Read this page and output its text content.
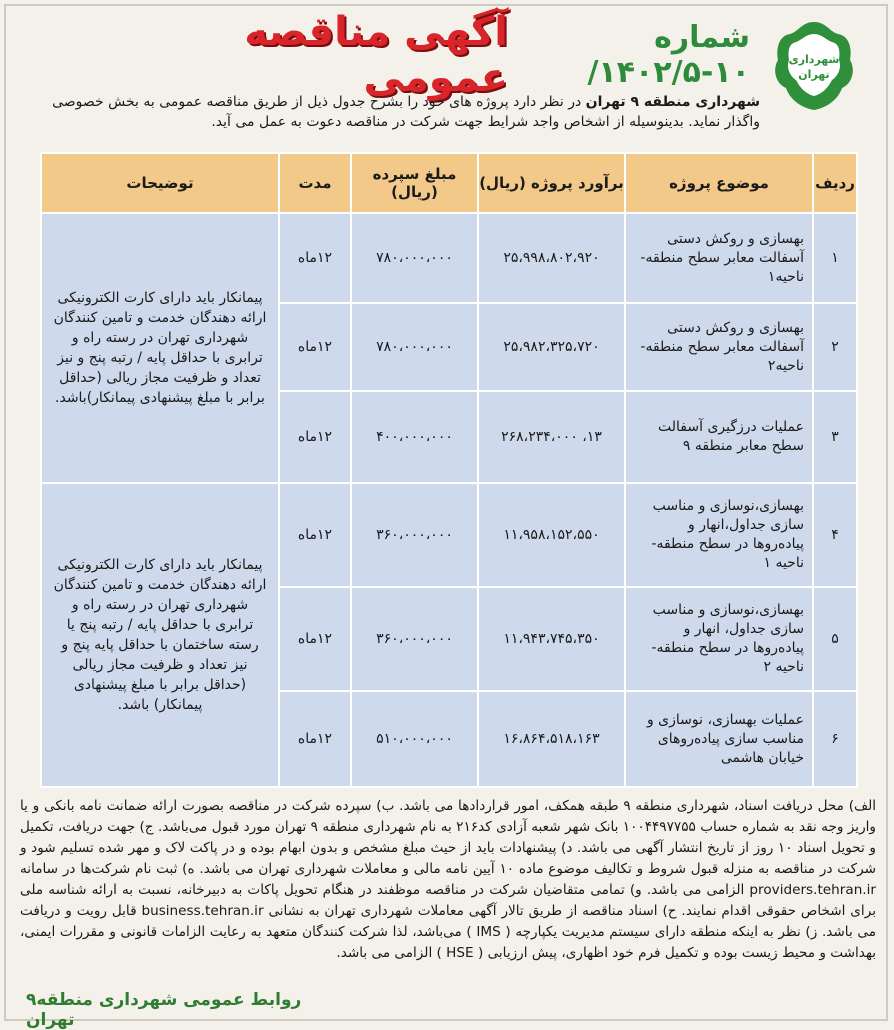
شهرداری
تهران
آگهی مناقصه عمومی
شماره ۱۰-۱۴۰۲/۵/
شهرداری منطقه ۹ تهران در نظر دارد پروژه های خود را بشرح جدول ذیل از طریق مناقصه عمومی به بخش خصوصی واگذار نماید. بدینوسیله از اشخاص واجد شرایط جهت شرکت در مناقصه دعوت به عمل می آید.
ردیف	موضوع پروژه	برآورد پروژه (ریال)	مبلغ سپرده (ریال)	مدت	توضیحات
۱	بهسازی و روکش دستی آسفالت معابر سطح منطقه-ناحیه۱	۲۵،۹۹۸،۸۰۲،۹۲۰	۷۸۰،۰۰۰،۰۰۰	۱۲ماه	پیمانکار باید دارای کارت الکترونیکی ارائه دهندگان خدمت و تامین کنندگان شهرداری تهران در رسته راه و ترابری با حداقل پایه / رتبه پنج و نیز تعداد و ظرفیت مجاز ریالی (حداقل برابر با مبلغ پیشنهادی پیمانکار)باشد.
۲	بهسازی و روکش دستی آسفالت معابر سطح منطقه-ناحیه۲	۲۵،۹۸۲،۳۲۵،۷۲۰	۷۸۰،۰۰۰،۰۰۰	۱۲ماه	
۳	عملیات درزگیری آسفالت سطح معابر منطقه ۹	۱۳، ۲۶۸،۲۳۴،۰۰۰	۴۰۰،۰۰۰،۰۰۰	۱۲ماه	
۴	بهسازی،نوسازی و مناسب سازی جداول،انهار و پیاده‌روها در سطح منطقه-ناحیه ۱	۱۱،۹۵۸،۱۵۲،۵۵۰	۳۶۰،۰۰۰،۰۰۰	۱۲ماه	پیمانکار باید دارای کارت الکترونیکی ارائه دهندگان خدمت و تامین کنندگان شهرداری تهران در رسته راه و ترابری با حداقل پایه / رتبه پنج یا رسته ساختمان با حداقل پایه پنج و نیز تعداد و ظرفیت مجاز ریالی (حداقل برابر با مبلغ پیشنهادی پیمانکار) باشد.
۵	بهسازی،نوسازی و مناسب سازی جداول، انهار و پیاده‌روها در سطح منطقه-ناحیه ۲	۱۱،۹۴۳،۷۴۵،۳۵۰	۳۶۰،۰۰۰،۰۰۰	۱۲ماه	
۶	عملیات بهسازی، نوسازی و مناسب سازی پیاده‌روهای خیابان هاشمی	۱۶،۸۶۴،۵۱۸،۱۶۳	۵۱۰،۰۰۰،۰۰۰	۱۲ماه	
الف) محل دریافت اسناد، شهرداری منطقه ۹ طبقه همکف، امور قراردادها می باشد. ب) سپرده شرکت در مناقصه بصورت ارائه ضمانت نامه بانکی و یا واریز وجه نقد به شماره حساب ۱۰۰۴۴۹۷۷۵۵ بانک شهر شعبه آزادی کد۲۱۶ به نام شهرداری منطقه ۹ تهران مورد قبول می‌باشد. ج) جهت دریافت، تکمیل و تحویل اسناد ۱۰ روز از تاریخ انتشار آگهی می باشد. د) پیشنهادات باید از حیث مبلغ مشخص و بدون ابهام بوده و در پاکت لاک و مهر شده تسلیم شود و شرکت در مناقصه به منزله قبول شروط و تکالیف موضوع ماده ۱۰ آیین نامه مالی و معاملات شهرداری تهران می باشد. ه) ثبت نام شرکت‌ها در سامانه providers.tehran.ir الزامی می باشد. و) تمامی متقاضیان شرکت در مناقصه موظفند در هنگام تحویل پاکات به دبیرخانه، نسبت به ارائه شناسه ملی برای اشخاص حقوقی اقدام نمایند. ح) اسناد مناقصه از طریق تالار آگهی معاملات شهرداری تهران به نشانی business.tehran.ir قابل رویت و دریافت می باشد. ز) نظر به اینکه منطقه دارای سیستم مدیریت یکپارچه ( IMS ) می‌باشد، لذا شرکت کنندگان متعهد به رعایت الزامات قانونی و مقررات ایمنی، بهداشت و محیط زیست بوده و تکمیل فرم خود اظهاری، پیش ارزیابی ( HSE ) الزامی می باشد.
روابط عمومی شهرداری منطقه۹ تهران
